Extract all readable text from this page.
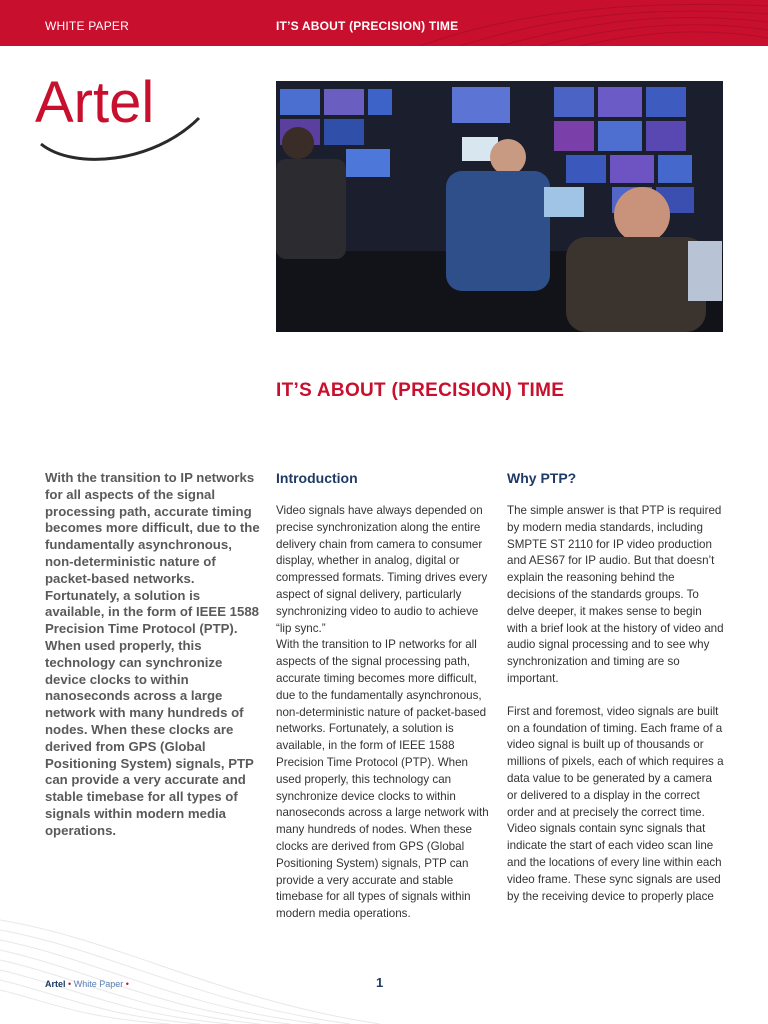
WHITE PAPER	IT’S ABOUT (PRECISION) TIME
Artel
IT’S ABOUT (PRECISION) TIME
With the transition to IP networks for all aspects of the signal processing path, accurate timing becomes more difficult, due to the fundamentally asynchronous, non-deterministic nature of packet-based networks. Fortunately, a solution is available, in the form of IEEE 1588 Precision Time Protocol (PTP). When used properly, this technology can synchronize device clocks to within nanoseconds across a large network with many hundreds of nodes. When these clocks are derived from GPS (Global Positioning System) signals, PTP can provide a very accurate and stable timebase for all types of signals within modern media operations.
Introduction

Video signals have always depended on precise synchronization along the entire delivery chain from camera to consumer display, whether in analog, digital or compressed formats. Timing drives every aspect of signal delivery, particularly synchronizing video to audio to achieve “lip sync.”

With the transition to IP networks for all aspects of the signal processing path, accurate timing becomes more difficult, due to the fundamentally asynchronous, non-deterministic nature of packet-based networks. Fortunately, a solution is available, in the form of IEEE 1588 Precision Time Protocol (PTP). When used properly, this technology can synchronize device clocks to within nanoseconds across a large network with many hundreds of nodes. When these clocks are derived from GPS (Global Positioning System) signals, PTP can provide a very accurate and stable timebase for all types of signals within modern media operations.

Why PTP?

The simple answer is that PTP is required by modern media standards, including SMPTE ST 2110 for IP video production and AES67 for IP audio. But that doesn’t explain the reasoning behind the decisions of the standards groups. To delve deeper, it makes sense to begin with a brief look at the history of video and audio signal processing and to see why synchronization and timing are so important.

First and foremost, video signals are built on a foundation of timing. Each frame of a video signal is built up of thousands or millions of pixels, each of which requires a data value to be generated by a camera or delivered to a display in the correct order and at precisely the correct time. Video signals contain sync signals that indicate the start of each video scan line and the locations of every line within each video frame. These sync signals are used by the receiving device to properly place

Artel • White Paper •	1
